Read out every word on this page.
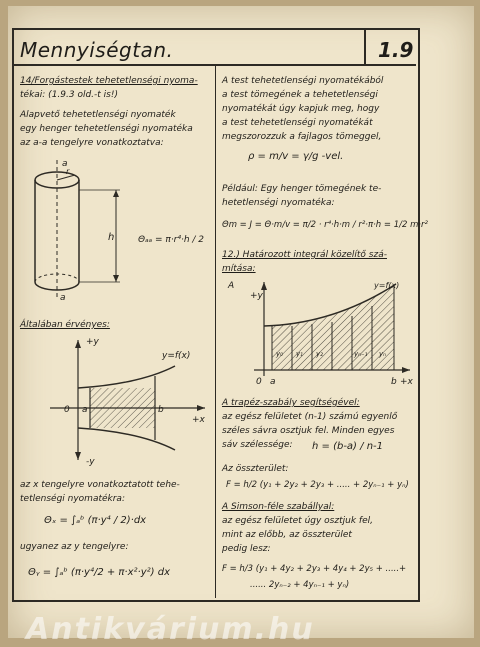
Mennyiségtan.	1.9
14/Forgástestek tehetetlenségi nyoma-
tékai: (1.9.3 old.-t is!)
Alapvető tehetetlenségi nyomaték
egy henger tehetetlenségi nyomatéka
az a-a tengelyre vonatkoztatva:
a
a
r
h	Θₐₐ = π·r⁴·h / 2
Általában érvényes:
+y
-y
+x
0 a	b
y=f(x)
az x tengelyre vonatkoztatott tehe-
tetlenségi nyomatékra:
Θₓ = ∫ₐᵇ (π·y⁴ / 2)·dx
ugyanez az y tengelyre:
Θᵧ = ∫ₐᵇ (π·y⁴/2 + π·x²·y²) dx
A test tehetetlenségi nyomatékából
a test tömegének a tehetetlenségi
nyomatékát úgy kapjuk meg, hogy
a test tehetetlenségi nyomatékát
megszorozzuk a fajlagos tömeggel,
ρ = m/v = γ/g -vel.
Például: Egy henger tömegének te-
hetetlenségi nyomatéka:
Θm = J = Θ·m/v = π/2 · r⁴·h·m / r²·π·h = 1/2 m·r²
12.) Határozott integrál közelítő szá-
mítása:
A
+y
+x
0 a	b
y=f(x)
y₀ y₁ y₂	yₙ₋₁ yₙ
A trapéz-szabály segítségével:
az egész felületet (n-1) számú egyenlő
széles sávra osztjuk fel. Minden egyes
sáv szélessége: h = (b-a) / n-1
Az összterület:
F = h/2 (y₁ + 2y₂ + 2y₃ + ..... + 2yₙ₋₁ + yₙ)
A Simson-féle szabállyal:
az egész felületet úgy osztjuk fel,
mint az előbb, az összterület
pedig lesz:
F = h/3 (y₁ + 4y₂ + 2y₃ + 4y₄ + 2y₅ + .....+
...... 2yₙ₋₂ + 4yₙ₋₁ + yₙ)
Antikvárium.hu
